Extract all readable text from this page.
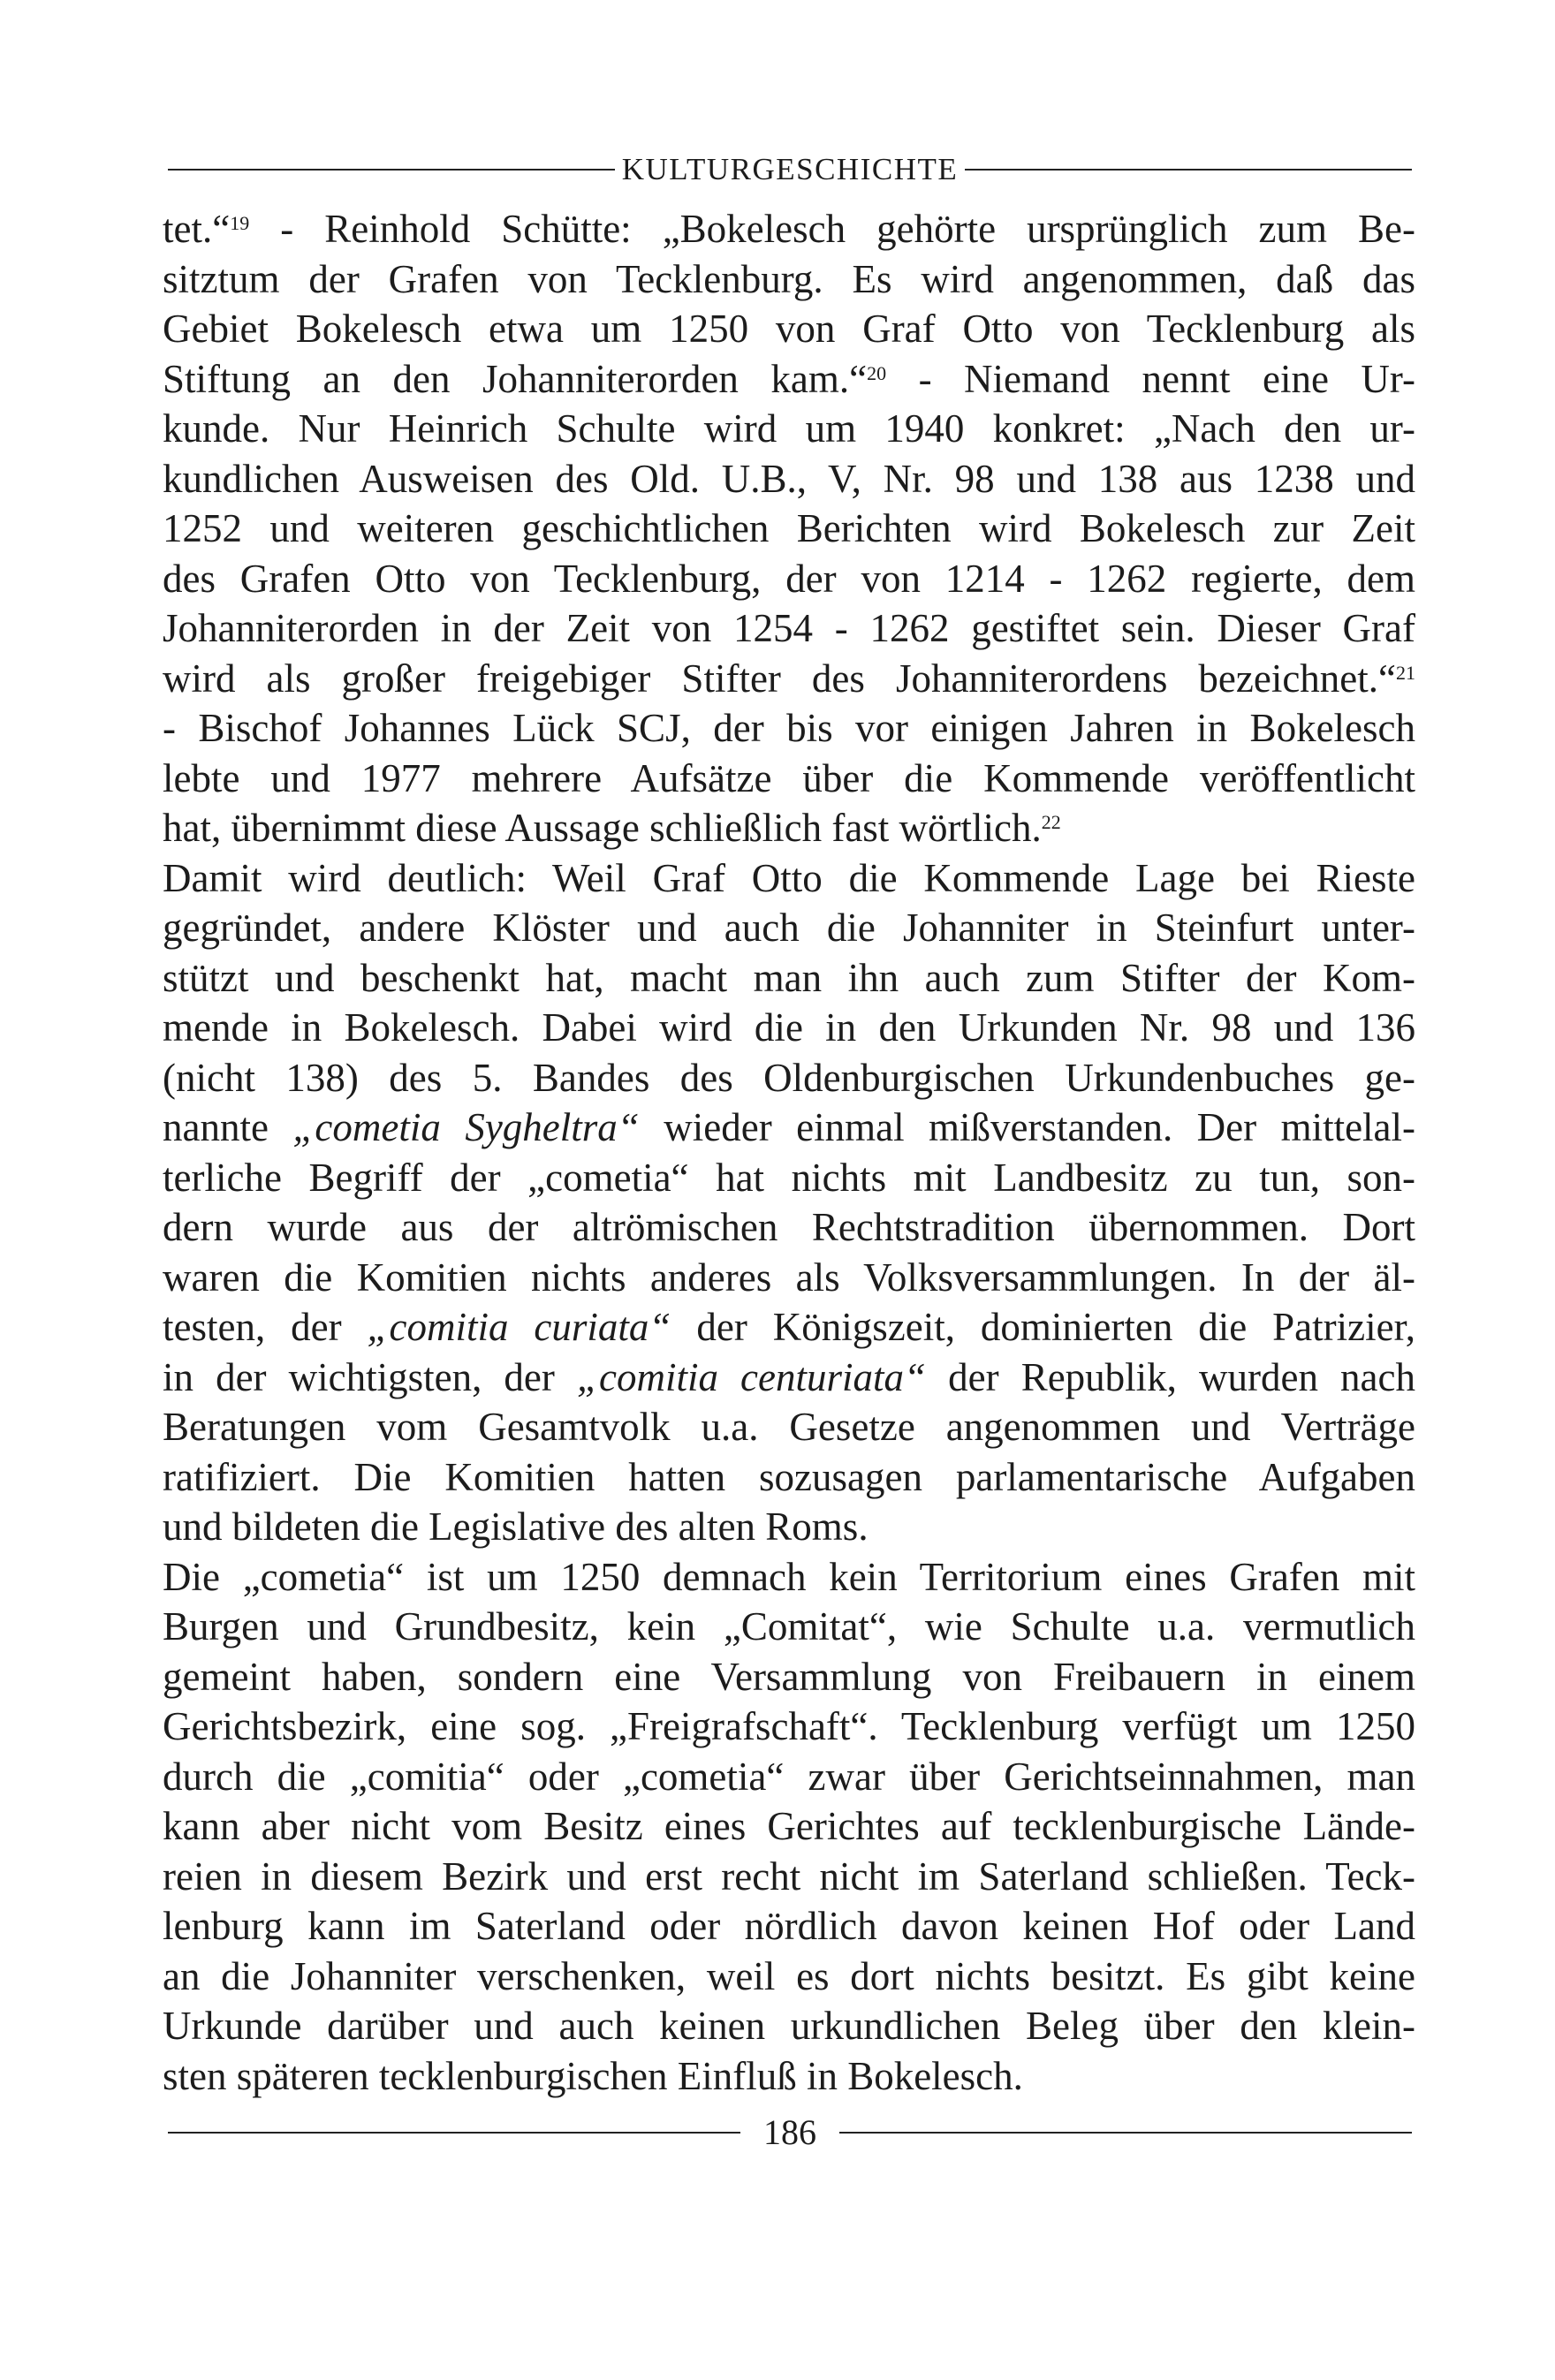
KULTURGESCHICHTE
tet.“$^{19}$ - Reinhold Schütte: „Bokelesch gehörte ursprünglich zum Be-
sitztum der Grafen von Tecklenburg. Es wird angenommen, daß das
Gebiet Bokelesch etwa um 1250 von Graf Otto von Tecklenburg als
Stiftung an den Johanniterorden kam.“$^{20}$ - Niemand nennt eine Ur-
kunde. Nur Heinrich Schulte wird um 1940 konkret: „Nach den ur-
kundlichen Ausweisen des Old. U.B., V, Nr. 98 und 138 aus 1238 und
1252 und weiteren geschichtlichen Berichten wird Bokelesch zur Zeit
des Grafen Otto von Tecklenburg, der von 1214 - 1262 regierte, dem
Johanniterorden in der Zeit von 1254 - 1262 gestiftet sein. Dieser Graf
wird als großer freigebiger Stifter des Johanniterordens bezeichnet.“$^{21}$
- Bischof Johannes Lück SCJ, der bis vor einigen Jahren in Bokelesch
lebte und 1977 mehrere Aufsätze über die Kommende veröffentlicht
hat, übernimmt diese Aussage schließlich fast wörtlich.$^{22}$
Damit wird deutlich: Weil Graf Otto die Kommende Lage bei Rieste
gegründet, andere Klöster und auch die Johanniter in Steinfurt unter-
stützt und beschenkt hat, macht man ihn auch zum Stifter der Kom-
mende in Bokelesch. Dabei wird die in den Urkunden Nr. 98 und 136
(nicht 138) des 5. Bandes des Oldenburgischen Urkundenbuches ge-
nannte „cometia Sygheltra“ wieder einmal mißverstanden. Der mittelal-
terliche Begriff der „cometia“ hat nichts mit Landbesitz zu tun, son-
dern wurde aus der altrömischen Rechtstradition übernommen. Dort
waren die Komitien nichts anderes als Volksversammlungen. In der äl-
testen, der „comitia curiata“ der Königszeit, dominierten die Patrizier,
in der wichtigsten, der „comitia centuriata“ der Republik, wurden nach
Beratungen vom Gesamtvolk u.a. Gesetze angenommen und Verträge
ratifiziert. Die Komitien hatten sozusagen parlamentarische Aufgaben
und bildeten die Legislative des alten Roms.
Die „cometia“ ist um 1250 demnach kein Territorium eines Grafen mit
Burgen und Grundbesitz, kein „Comitat“, wie Schulte u.a. vermutlich
gemeint haben, sondern eine Versammlung von Freibauern in einem
Gerichtsbezirk, eine sog. „Freigrafschaft“. Tecklenburg verfügt um 1250
durch die „comitia“ oder „cometia“ zwar über Gerichtseinnahmen, man
kann aber nicht vom Besitz eines Gerichtes auf tecklenburgische Lände-
reien in diesem Bezirk und erst recht nicht im Saterland schließen. Teck-
lenburg kann im Saterland oder nördlich davon keinen Hof oder Land
an die Johanniter verschenken, weil es dort nichts besitzt. Es gibt keine
Urkunde darüber und auch keinen urkundlichen Beleg über den klein-
sten späteren tecklenburgischen Einfluß in Bokelesch.
186
